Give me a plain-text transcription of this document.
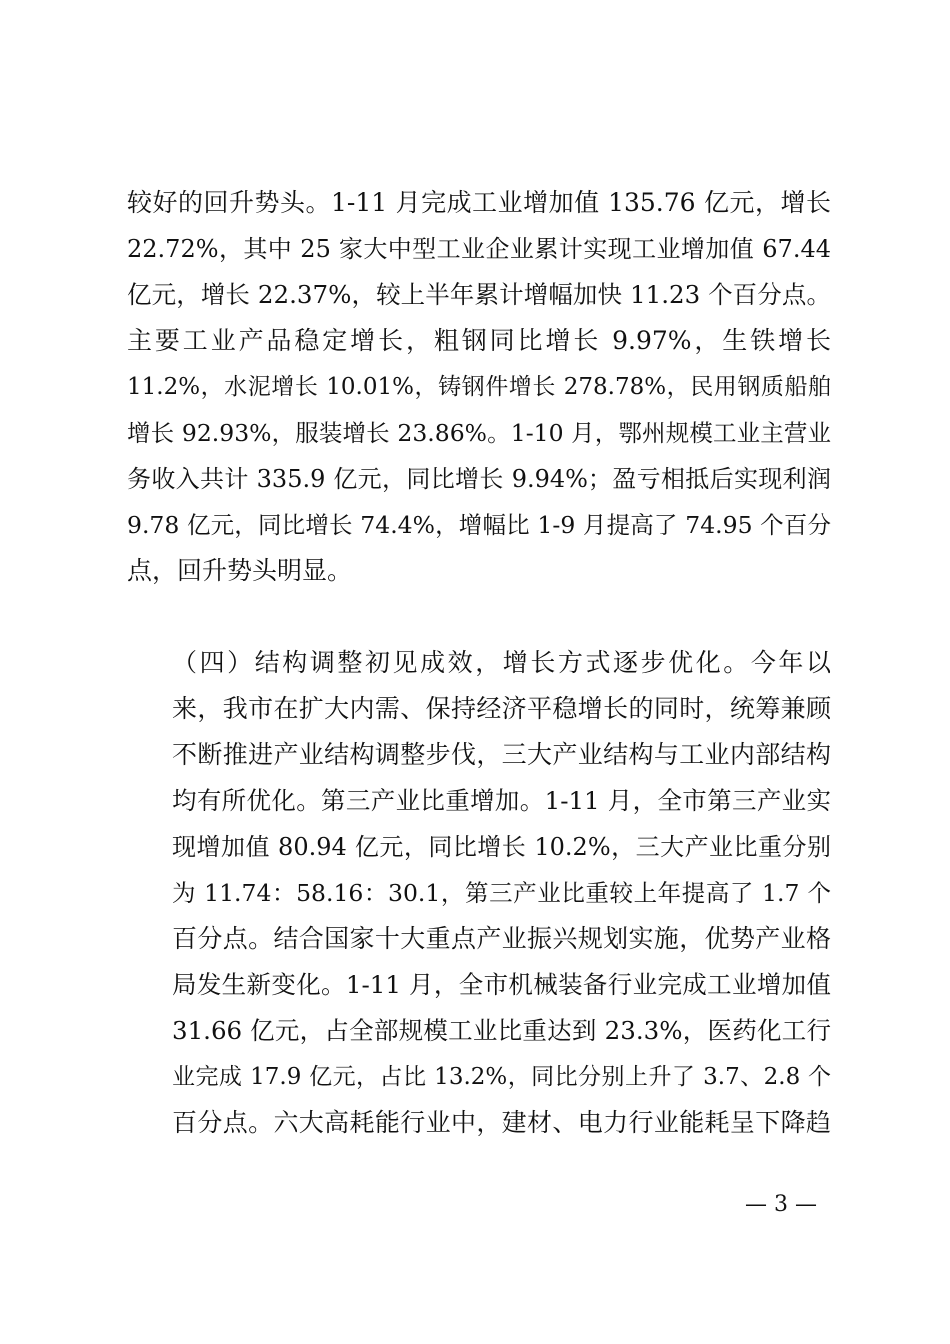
较好的回升势头。1-11 月完成工业增加值 135.76 亿元，增长
22.72%，其中 25 家大中型工业企业累计实现工业增加值 67.44
亿元，增长 22.37%，较上半年累计增幅加快 11.23 个百分点。
主要工业产品稳定增长，粗钢同比增长 9.97%，生铁增长
11.2%，水泥增长 10.01%，铸钢件增长 278.78%，民用钢质船舶
增长 92.93%，服装增长 23.86%。1-10 月，鄂州规模工业主营业
务收入共计 335.9 亿元，同比增长 9.94%；盈亏相抵后实现利润
9.78 亿元，同比增长 74.4%，增幅比 1-9 月提高了 74.95 个百分
点，回升势头明显。
（四）结构调整初见成效，增长方式逐步优化。今年以
来，我市在扩大内需、保持经济平稳增长的同时，统筹兼顾
不断推进产业结构调整步伐，三大产业结构与工业内部结构
均有所优化。第三产业比重增加。1-11 月，全市第三产业实
现增加值 80.94 亿元，同比增长 10.2%，三大产业比重分别
为 11.74：58.16：30.1，第三产业比重较上年提高了 1.7 个
百分点。结合国家十大重点产业振兴规划实施，优势产业格
局发生新变化。1-11 月，全市机械装备行业完成工业增加值
31.66 亿元，占全部规模工业比重达到 23.3%，医药化工行
业完成 17.9 亿元，占比 13.2%，同比分别上升了 3.7、2.8 个
百分点。六大高耗能行业中，建材、电力行业能耗呈下降趋
— 3 —
